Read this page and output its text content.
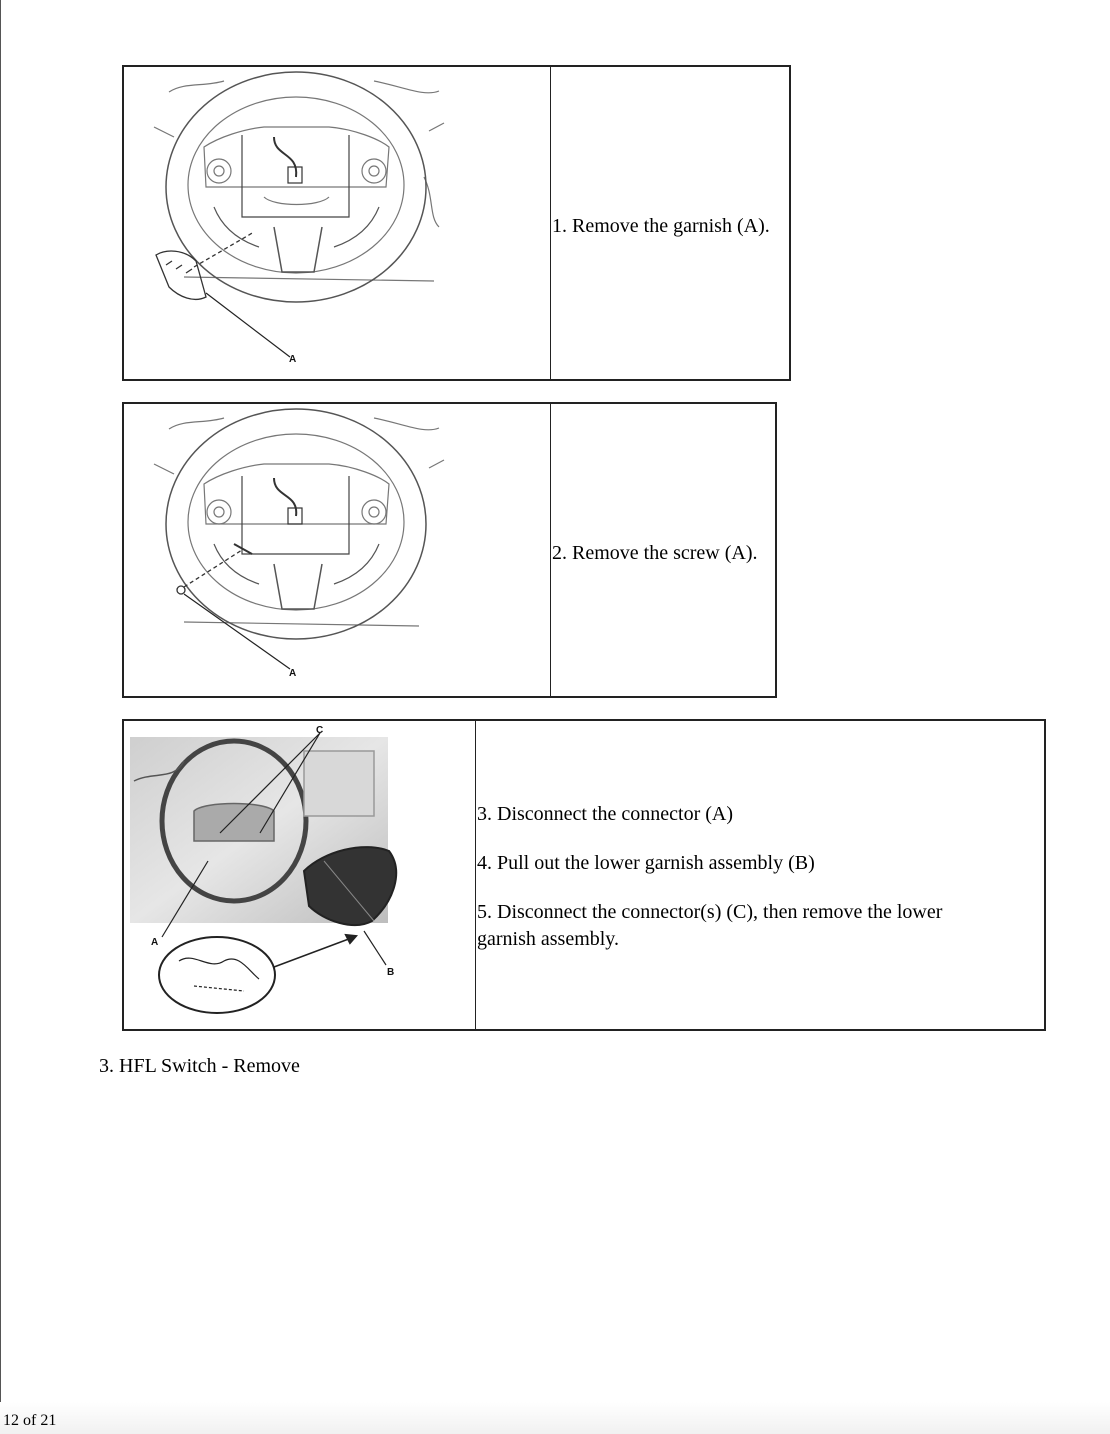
A
1. Remove the garnish (A).
A
2. Remove the screw (A).
C
A
B
3. Disconnect the connector (A)
4. Pull out the lower garnish assembly (B)
5. Disconnect the connector(s) (C), then remove the lower garnish assembly.
3. HFL Switch - Remove
12 of 21
